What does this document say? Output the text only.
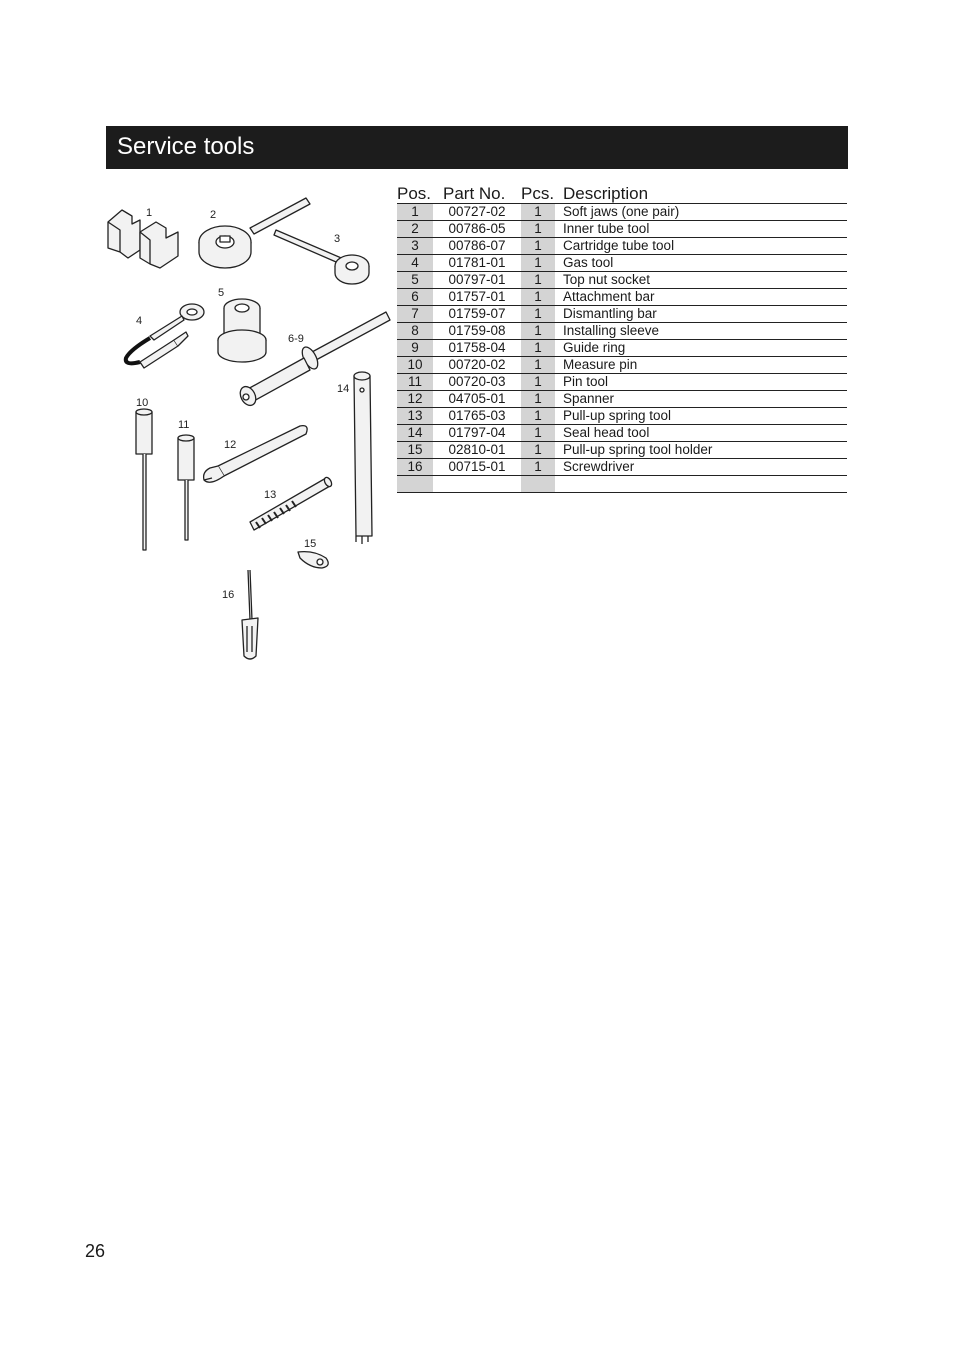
Service tools
1	2
3
4
5
6-9
10
11
12
13
14
15
16
Pos.	Part No.	Pcs.	Description
1	00727-02	1	Soft jaws (one pair)
2	00786-05	1	Inner tube tool
3	00786-07	1	Cartridge tube tool
4	01781-01	1	Gas tool
5	00797-01	1	Top nut socket
6	01757-01	1	Attachment bar
7	01759-07	1	Dismantling bar
8	01759-08	1	Installing sleeve
9	01758-04	1	Guide ring
10	00720-02	1	Measure pin
11	00720-03	1	Pin tool
12	04705-01	1	Spanner
13	01765-03	1	Pull-up spring tool
14	01797-04	1	Seal head tool
15	02810-01	1	Pull-up spring tool holder
16	00715-01	1	Screwdriver

26
